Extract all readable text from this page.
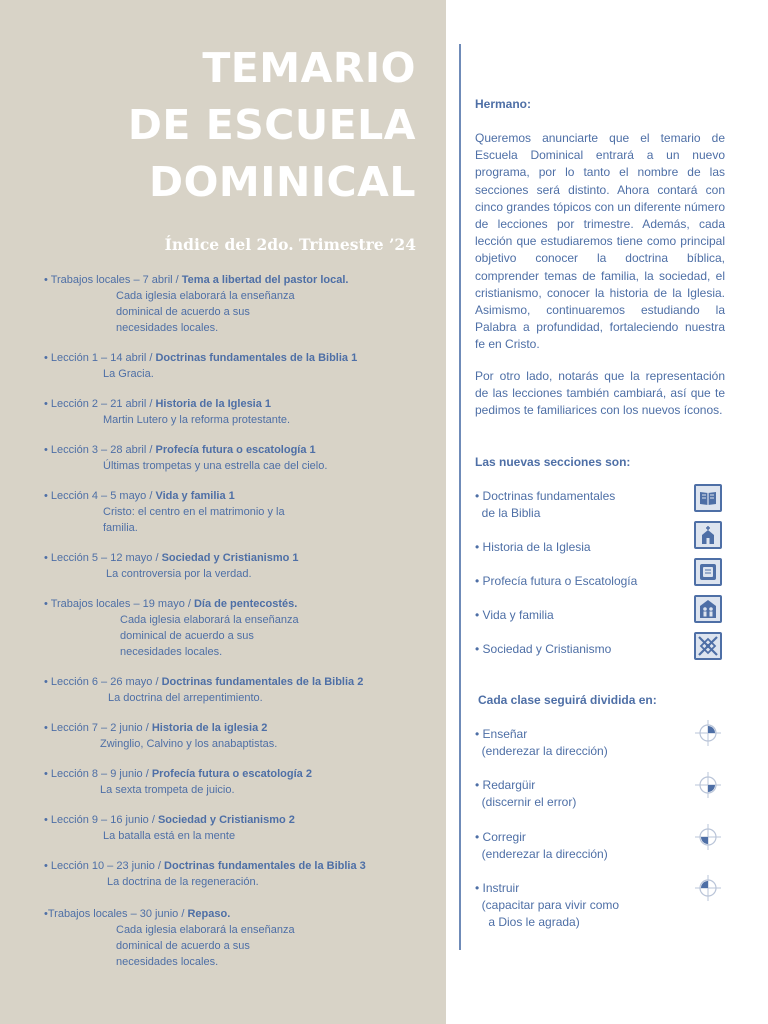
TEMARIO
DE ESCUELA
DOMINICAL
Índice del 2do. Trimestre ’24
• Trabajos locales – 7 abril / Tema a libertad del pastor local.
Cada iglesia elaborará la enseñanza
dominical de acuerdo a sus
necesidades locales.
• Lección 1 – 14 abril / Doctrinas fundamentales de la Biblia 1
La Gracia.
• Lección 2 – 21 abril / Historia de la Iglesia 1
Martin Lutero y la reforma protestante.
• Lección 3 – 28 abril / Profecía futura o escatología 1
Últimas trompetas y una estrella cae del cielo.
• Lección 4 – 5 mayo / Vida y familia 1
Cristo: el centro en el matrimonio y la
familia.
• Lección 5 – 12 mayo / Sociedad y Cristianismo 1
La controversia por la verdad.
• Trabajos locales – 19 mayo / Día de pentecostés.
Cada iglesia elaborará la enseñanza
dominical de acuerdo a sus
necesidades locales.
• Lección 6 – 26 mayo / Doctrinas fundamentales de la Biblia 2
La doctrina del arrepentimiento.
• Lección 7 – 2 junio / Historia de la iglesia 2
Zwinglio, Calvino y los anabaptistas.
• Lección 8 – 9 junio / Profecía futura o escatología 2
La sexta trompeta de juicio.
• Lección 9 – 16 junio / Sociedad y Cristianismo 2
La batalla está en la mente
• Lección 10 – 23 junio / Doctrinas fundamentales de la Biblia 3
La doctrina de la regeneración.
•Trabajos locales – 30 junio / Repaso.
Cada iglesia elaborará la enseñanza
dominical de acuerdo a sus
necesidades locales.
Hermano:
Queremos anunciarte que el temario de Escuela Dominical entrará a un nuevo programa, por lo tanto el nombre de las secciones será distinto. Ahora contará con cinco grandes tópicos con un diferente número de lecciones por trimestre. Además, cada lección que estudiaremos tiene como principal objetivo conocer la doctrina bíblica, comprender temas de familia, la sociedad, el cristianismo, conocer la historia de la Iglesia. Asimismo, continuaremos estudiando la Palabra a profundidad, fortaleciendo nuestra fe en Cristo.
Por otro lado, notarás que la representación de las lecciones también cambiará, así que te pedimos te familiarices con los nuevos íconos.
Las nuevas secciones son:
• Doctrinas fundamentales
de la Biblia
• Historia de la Iglesia
• Profecía futura o Escatología
• Vida y familia
• Sociedad y Cristianismo
Cada clase seguirá dividida en:
• Enseñar
(enderezar la dirección)
• Redargüir
(discernir el error)
• Corregir
(enderezar la dirección)
• Instruir
(capacitar para vivir como
a Dios le agrada)
